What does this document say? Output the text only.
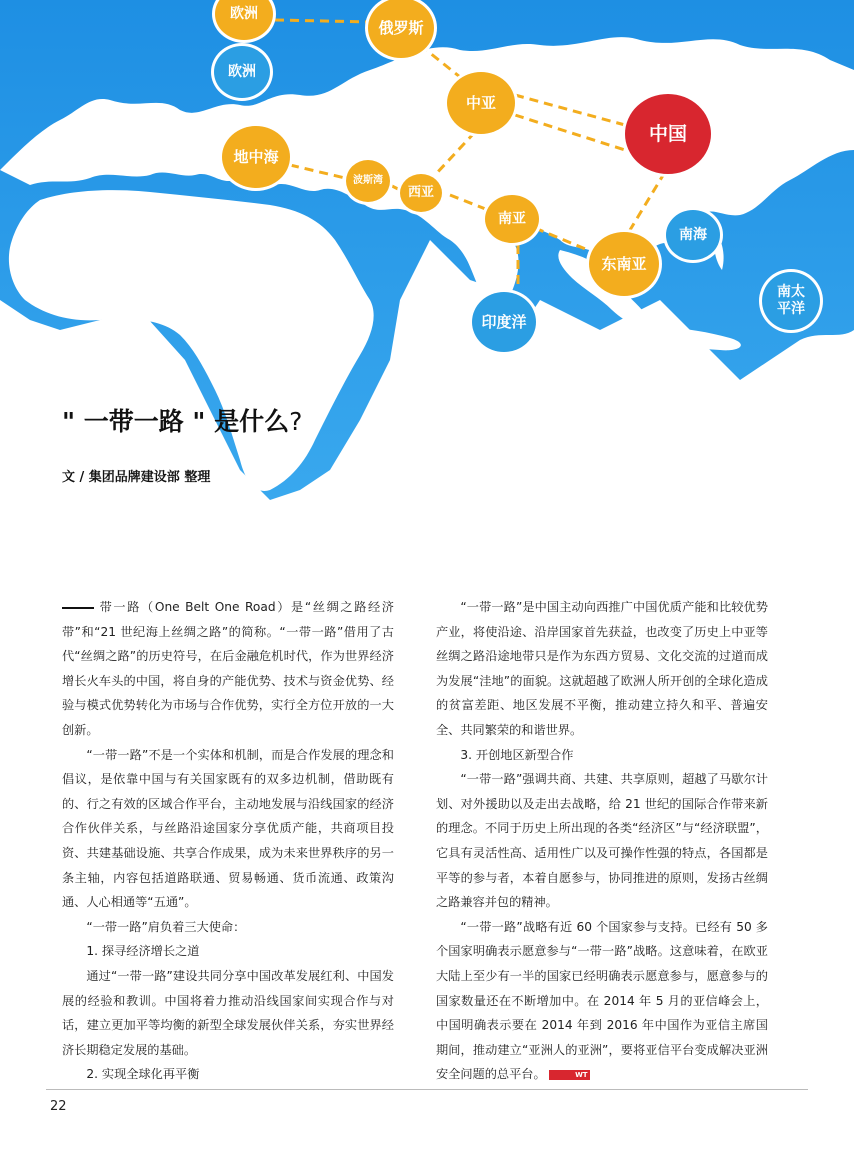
欧洲
欧洲
俄罗斯
中亚
中国
地中海
波斯湾
西亚
南亚
南海
东南亚
南太
平洋
印度洋
" 一带一路 " 是什么?
文 / 集团品牌建设部 整理

带一路（One Belt One Road）是“丝绸之路经济带”和“21 世纪海上丝绸之路”的简称。“一带一路”借用了古代“丝绸之路”的历史符号，在后金融危机时代，作为世界经济增长火车头的中国，将自身的产能优势、技术与资金优势、经验与模式优势转化为市场与合作优势，实行全方位开放的一大创新。

“一带一路”不是一个实体和机制，而是合作发展的理念和倡议，是依靠中国与有关国家既有的双多边机制，借助既有的、行之有效的区域合作平台，主动地发展与沿线国家的经济合作伙伴关系，与丝路沿途国家分享优质产能，共商项目投资、共建基础设施、共享合作成果，成为未来世界秩序的另一条主轴，内容包括道路联通、贸易畅通、货币流通、政策沟通、人心相通等“五通”。

“一带一路”肩负着三大使命：

1. 探寻经济增长之道

通过“一带一路”建设共同分享中国改革发展红利、中国发展的经验和教训。中国将着力推动沿线国家间实现合作与对话，建立更加平等均衡的新型全球发展伙伴关系，夯实世界经济长期稳定发展的基础。

2. 实现全球化再平衡

“一带一路”是中国主动向西推广中国优质产能和比较优势产业，将使沿途、沿岸国家首先获益，也改变了历史上中亚等丝绸之路沿途地带只是作为东西方贸易、文化交流的过道而成为发展“洼地”的面貌。这就超越了欧洲人所开创的全球化造成的贫富差距、地区发展不平衡，推动建立持久和平、普遍安全、共同繁荣的和谐世界。

3. 开创地区新型合作

“一带一路”强调共商、共建、共享原则，超越了马歇尔计划、对外援助以及走出去战略，给 21 世纪的国际合作带来新的理念。不同于历史上所出现的各类“经济区”与“经济联盟”，它具有灵活性高、适用性广以及可操作性强的特点，各国都是平等的参与者，本着自愿参与，协同推进的原则，发扬古丝绸之路兼容并包的精神。

“一带一路”战略有近 60 个国家参与支持。已经有 50 多个国家明确表示愿意参与“一带一路”战略。这意味着，在欧亚大陆上至少有一半的国家已经明确表示愿意参与，愿意参与的国家数量还在不断增加中。在 2014 年 5 月的亚信峰会上，中国明确表示要在 2014 年到 2016 年中国作为亚信主席国期间，推动建立“亚洲人的亚洲”，要将亚信平台变成解决亚洲安全问题的总平台。	WT

22
